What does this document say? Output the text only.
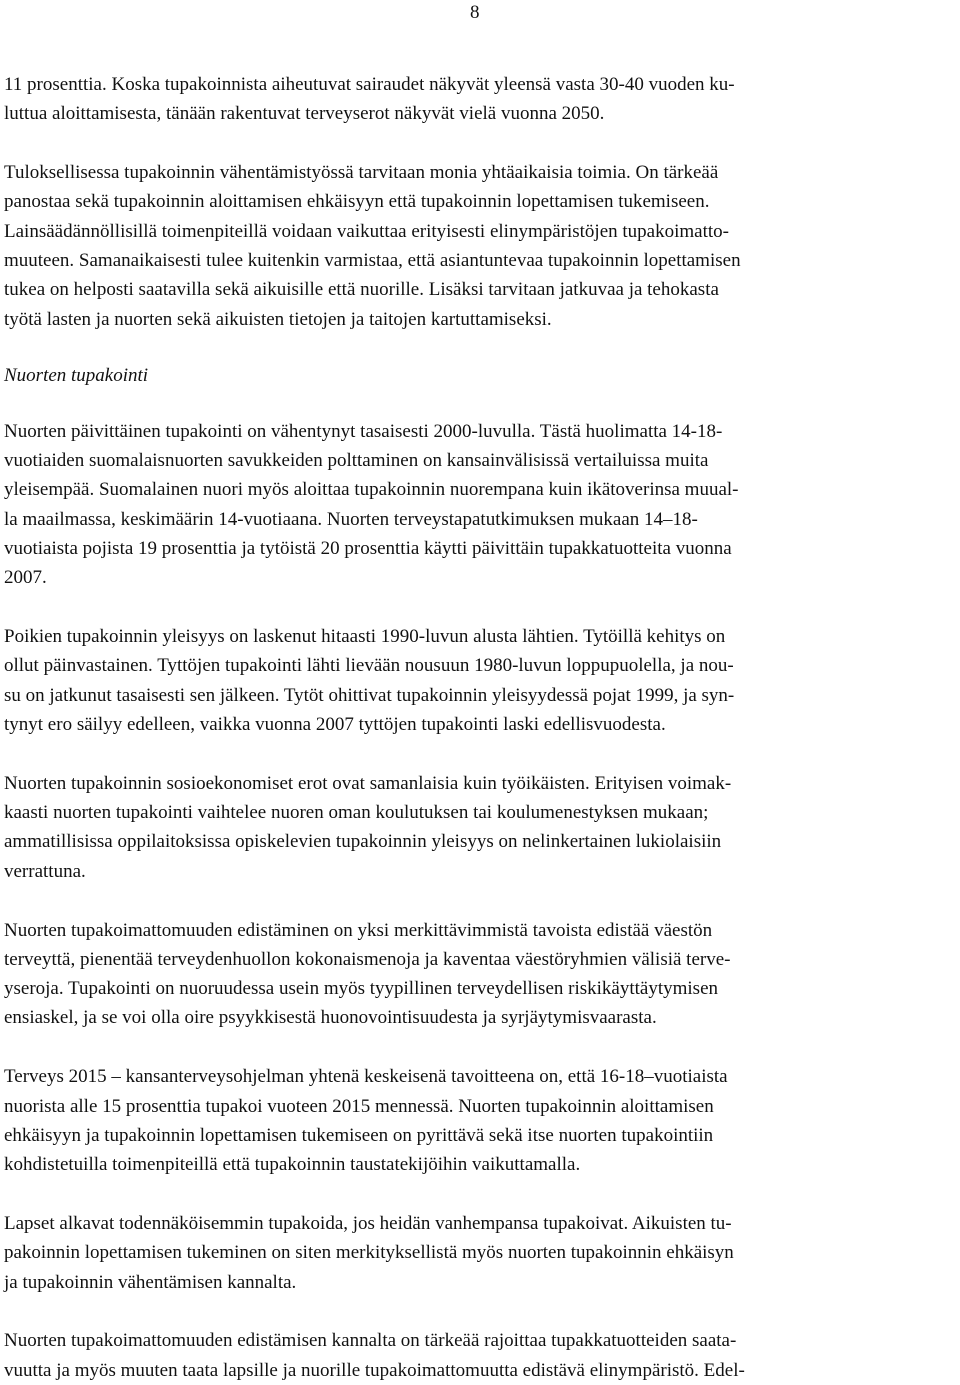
8

11 prosenttia. Koska tupakoinnista aiheutuvat sairaudet näkyvät yleensä vasta 30-40 vuoden ku-
luttua aloittamisesta, tänään rakentuvat terveyserot näkyvät vielä vuonna 2050.

Tuloksellisessa tupakoinnin vähentämistyössä tarvitaan monia yhtäaikaisia toimia. On tärkeää
panostaa sekä tupakoinnin aloittamisen ehkäisyyn että tupakoinnin lopettamisen tukemiseen.
Lainsäädännöllisillä toimenpiteillä voidaan vaikuttaa erityisesti elinympäristöjen tupakoimatto-
muuteen. Samanaikaisesti tulee kuitenkin varmistaa, että asiantuntevaa tupakoinnin lopettamisen
tukea on helposti saatavilla sekä aikuisille että nuorille. Lisäksi tarvitaan jatkuvaa ja tehokasta
työtä lasten ja nuorten sekä aikuisten tietojen ja taitojen kartuttamiseksi.

Nuorten tupakointi

Nuorten päivittäinen tupakointi on vähentynyt tasaisesti 2000-luvulla. Tästä huolimatta 14-18-
vuotiaiden suomalaisnuorten savukkeiden polttaminen on kansainvälisissä vertailuissa muita
yleisempää. Suomalainen nuori myös aloittaa tupakoinnin nuorempana kuin ikätoverinsa muual-
la maailmassa, keskimäärin 14-vuotiaana. Nuorten terveystapatutkimuksen mukaan 14–18-
vuotiaista pojista 19 prosenttia ja tytöistä 20 prosenttia käytti päivittäin tupakkatuotteita vuonna
2007.

Poikien tupakoinnin yleisyys on laskenut hitaasti 1990-luvun alusta lähtien. Tytöillä kehitys on
ollut päinvastainen. Tyttöjen tupakointi lähti lievään nousuun 1980-luvun loppupuolella, ja nou-
su on jatkunut tasaisesti sen jälkeen. Tytöt ohittivat tupakoinnin yleisyydessä pojat 1999, ja syn-
tynyt ero säilyy edelleen, vaikka vuonna 2007 tyttöjen tupakointi laski edellisvuodesta.

Nuorten tupakoinnin sosioekonomiset erot ovat samanlaisia kuin työikäisten. Erityisen voimak-
kaasti nuorten tupakointi vaihtelee nuoren oman koulutuksen tai koulumenestyksen mukaan;
ammatillisissa oppilaitoksissa opiskelevien tupakoinnin yleisyys on nelinkertainen lukiolaisiin
verrattuna.

Nuorten tupakoimattomuuden edistäminen on yksi merkittävimmistä tavoista edistää väestön
terveyttä, pienentää terveydenhuollon kokonaismenoja ja kaventaa väestöryhmien välisiä terve-
yseroja. Tupakointi on nuoruudessa usein myös tyypillinen terveydellisen riskikäyttäytymisen
ensiaskel, ja se voi olla oire psyykkisestä huonovointisuudesta ja syrjäytymisvaarasta.

Terveys 2015 – kansanterveysohjelman yhtenä keskeisenä tavoitteena on, että 16-18–vuotiaista
nuorista alle 15 prosenttia tupakoi vuoteen 2015 mennessä. Nuorten tupakoinnin aloittamisen
ehkäisyyn ja tupakoinnin lopettamisen tukemiseen on pyrittävä sekä itse nuorten tupakointiin
kohdistetuilla toimenpiteillä että tupakoinnin taustatekijöihin vaikuttamalla.

Lapset alkavat todennäköisemmin tupakoida, jos heidän vanhempansa tupakoivat. Aikuisten tu-
pakoinnin lopettamisen tukeminen on siten merkityksellistä myös nuorten tupakoinnin ehkäisyn
ja tupakoinnin vähentämisen kannalta.

Nuorten tupakoimattomuuden edistämisen kannalta on tärkeää rajoittaa tupakkatuotteiden saata-
vuutta ja myös muuten taata lapsille ja nuorille tupakoimattomuutta edistävä elinympäristö. Edel-
